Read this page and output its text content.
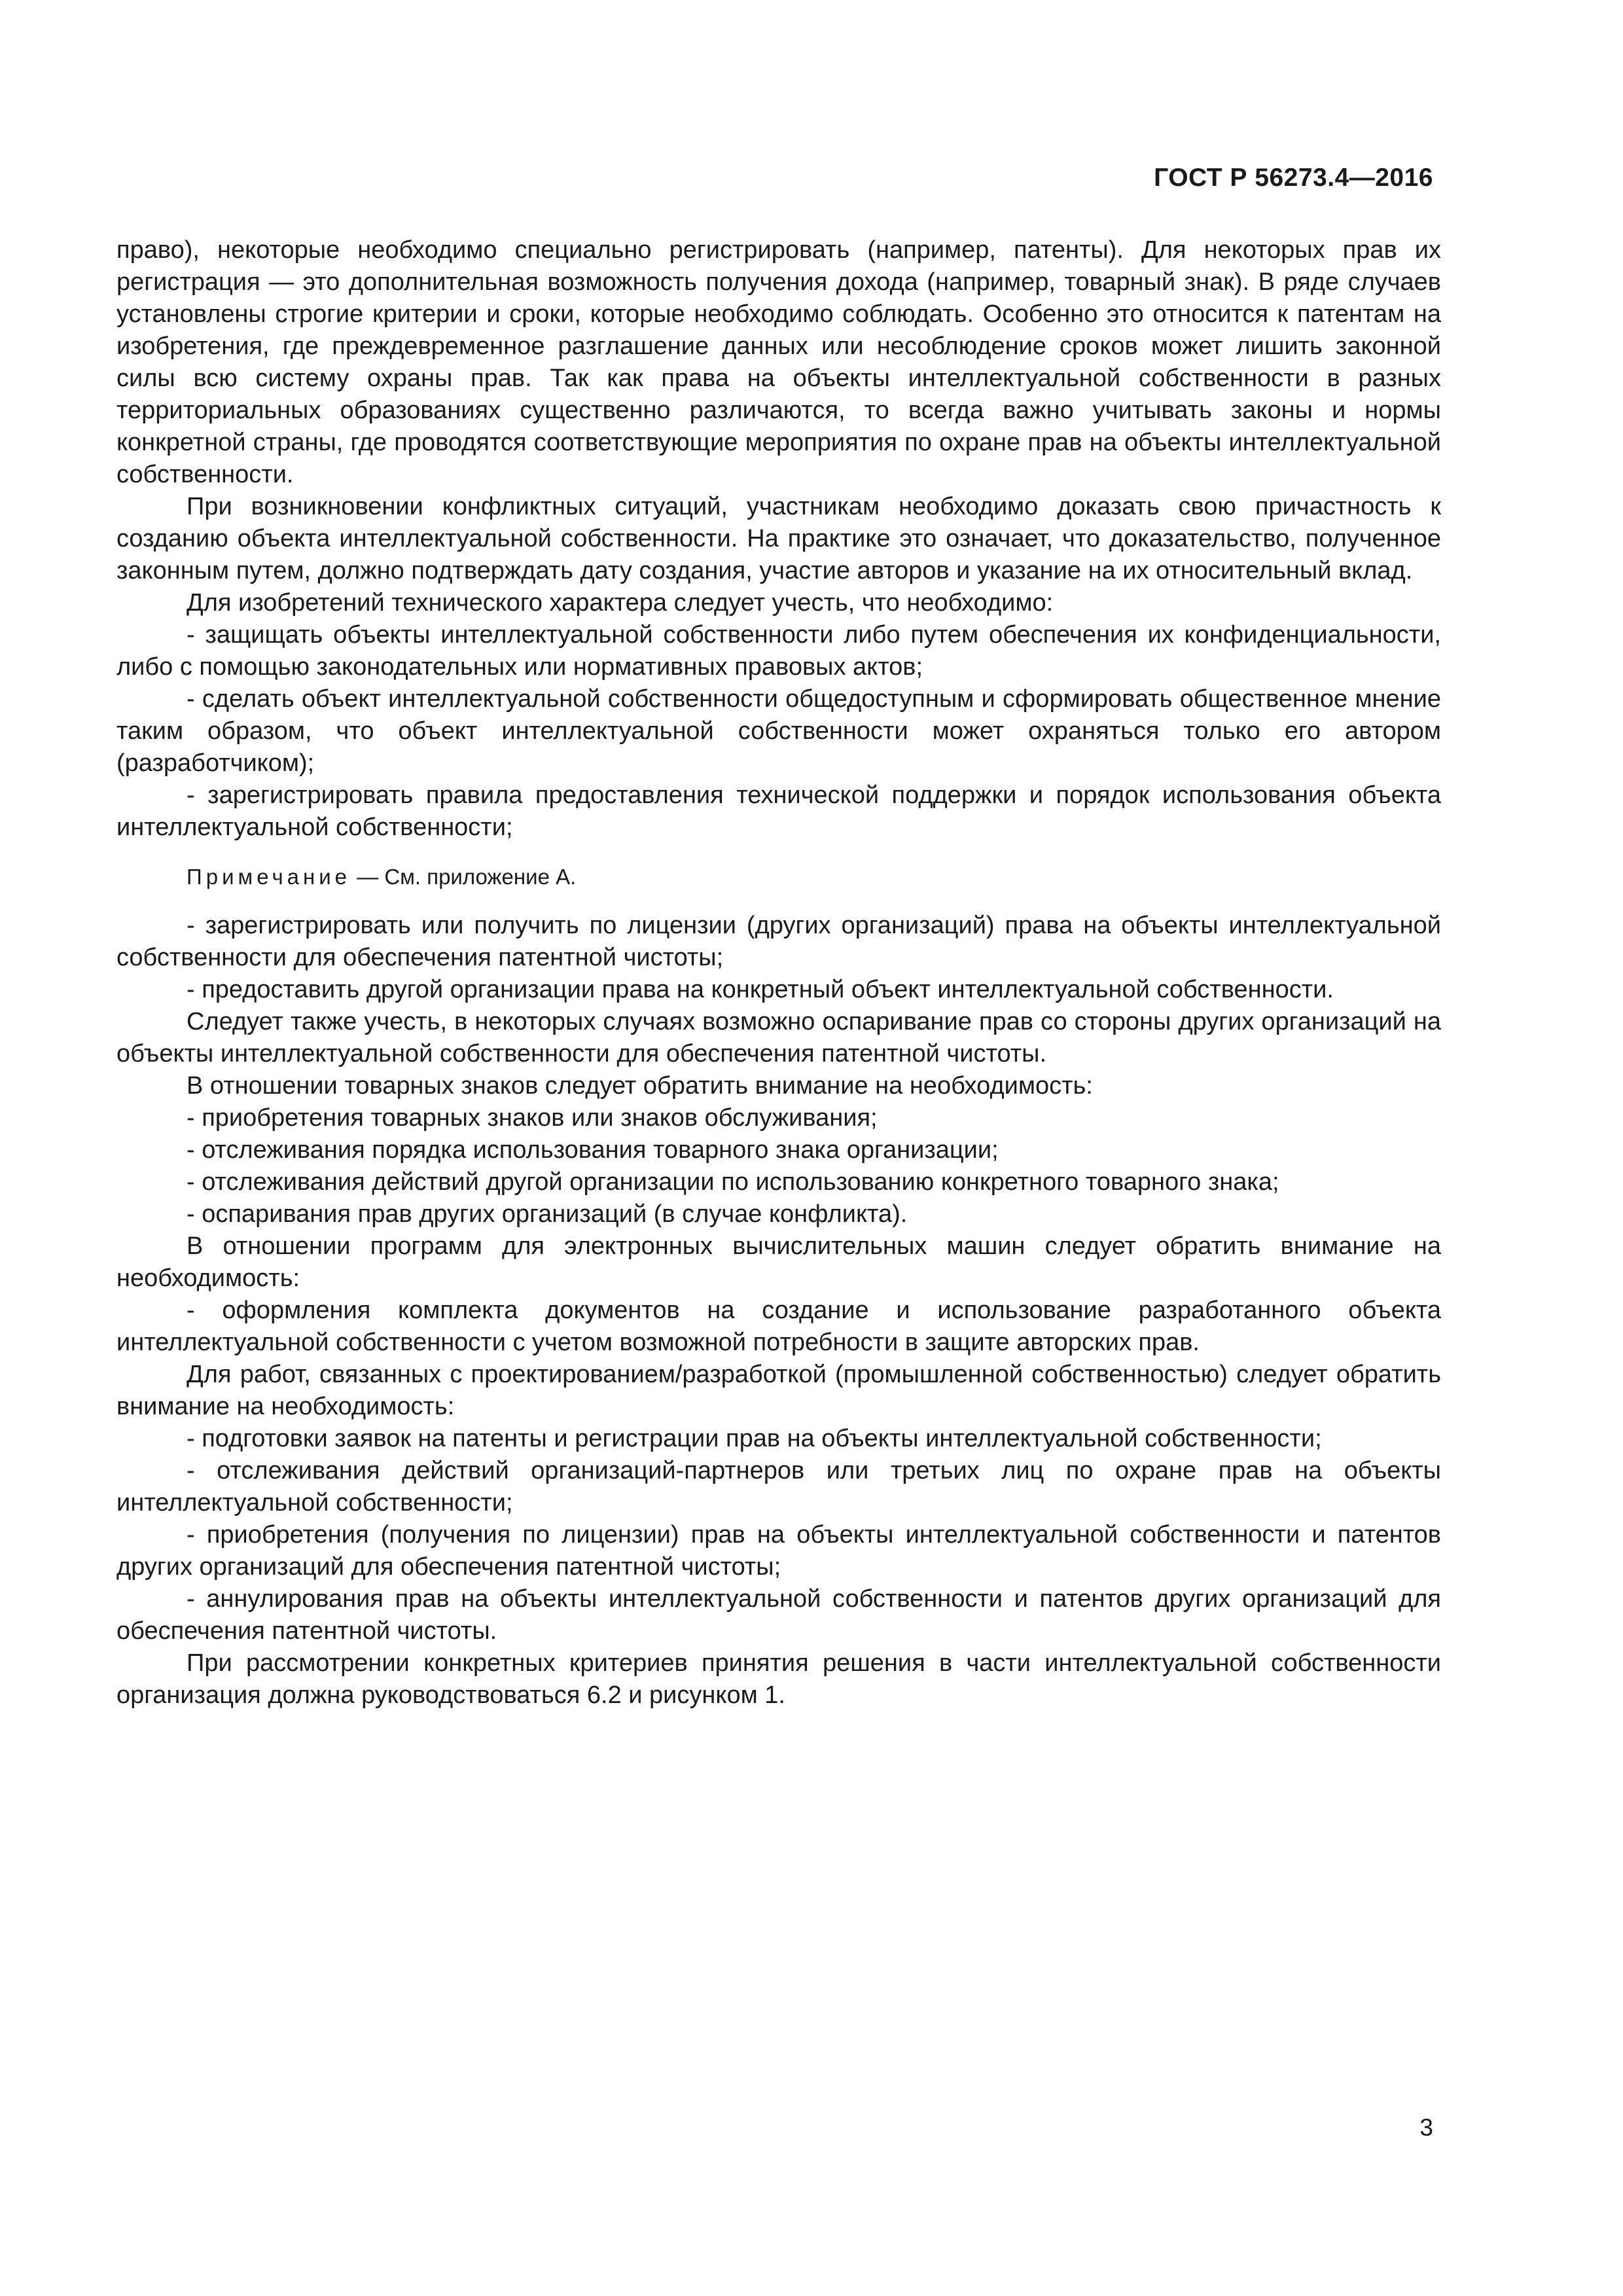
ГОСТ Р 56273.4—2016

право), некоторые необходимо специально регистрировать (например, патенты). Для некоторых прав их регистрация — это дополнительная возможность получения дохода (например, товарный знак). В ряде случаев установлены строгие критерии и сроки, которые необходимо соблюдать. Особенно это относится к патентам на изобретения, где преждевременное разглашение данных или несоблюдение сроков может лишить законной силы всю систему охраны прав. Так как права на объекты интеллектуальной собственности в разных территориальных образованиях существенно различаются, то всегда важно учитывать законы и нормы конкретной страны, где проводятся соответствующие мероприятия по охране прав на объекты интеллектуальной собственности.

При возникновении конфликтных ситуаций, участникам необходимо доказать свою причастность к созданию объекта интеллектуальной собственности. На практике это означает, что доказательство, полученное законным путем, должно подтверждать дату создания, участие авторов и указание на их относительный вклад.

Для изобретений технического характера следует учесть, что необходимо:

- защищать объекты интеллектуальной собственности либо путем обеспечения их конфиденциальности, либо с помощью законодательных или нормативных правовых актов;

- сделать объект интеллектуальной собственности общедоступным и сформировать общественное мнение таким образом, что объект интеллектуальной собственности может охраняться только его автором (разработчиком);

- зарегистрировать правила предоставления технической поддержки и порядок использования объекта интеллектуальной собственности;

Примечание — См. приложение А.

- зарегистрировать или получить по лицензии (других организаций) права на объекты интеллектуальной собственности для обеспечения патентной чистоты;

- предоставить другой организации права на конкретный объект интеллектуальной собственности.

Следует также учесть, в некоторых случаях возможно оспаривание прав со стороны других организаций на объекты интеллектуальной собственности для обеспечения патентной чистоты.

В отношении товарных знаков следует обратить внимание на необходимость:

- приобретения товарных знаков или знаков обслуживания;

- отслеживания порядка использования товарного знака организации;

- отслеживания действий другой организации по использованию конкретного товарного знака;

- оспаривания прав других организаций (в случае конфликта).

В отношении программ для электронных вычислительных машин следует обратить внимание на необходимость:

- оформления комплекта документов на создание и использование разработанного объекта интеллектуальной собственности с учетом возможной потребности в защите авторских прав.

Для работ, связанных с проектированием/разработкой (промышленной собственностью) следует обратить внимание на необходимость:

- подготовки заявок на патенты и регистрации прав на объекты интеллектуальной собственности;

- отслеживания действий организаций-партнеров или третьих лиц по охране прав на объекты интеллектуальной собственности;

- приобретения (получения по лицензии) прав на объекты интеллектуальной собственности и патентов других организаций для обеспечения патентной чистоты;

- аннулирования прав на объекты интеллектуальной собственности и патентов других организаций для обеспечения патентной чистоты.

При рассмотрении конкретных критериев принятия решения в части интеллектуальной собственности организация должна руководствоваться 6.2 и рисунком 1.

3
